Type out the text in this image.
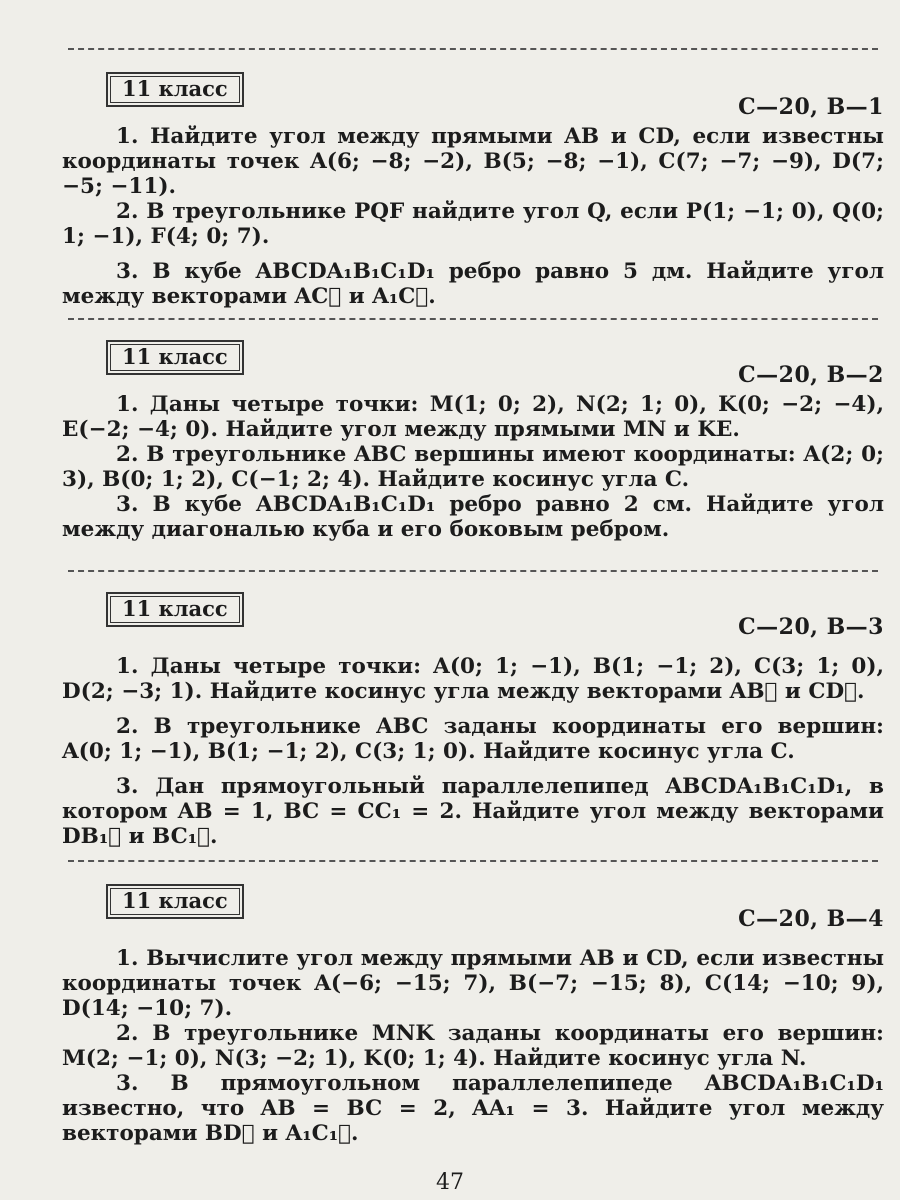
11 класс
С—20, В—1

1. Найдите угол между прямыми AB и CD, если известны координаты точек A(6; −8; −2), B(5; −8; −1), C(7; −7; −9), D(7; −5; −11).

2. В треугольнике PQF найдите угол Q, если P(1; −1; 0), Q(0; 1; −1), F(4; 0; 7).

3. В кубе ABCDA₁B₁C₁D₁ ребро равно 5 дм. Найдите угол между векторами AC⃗ и A₁C⃗.

11 класс
С—20, В—2

1. Даны четыре точки: M(1; 0; 2), N(2; 1; 0), K(0; −2; −4), E(−2; −4; 0). Найдите угол между прямыми MN и KE.

2. В треугольнике ABC вершины имеют координаты: A(2; 0; 3), B(0; 1; 2), C(−1; 2; 4). Найдите косинус угла C.

3. В кубе ABCDA₁B₁C₁D₁ ребро равно 2 см. Найдите угол между диагональю куба и его боковым ребром.

11 класс
С—20, В—3

1. Даны четыре точки: A(0; 1; −1), B(1; −1; 2), C(3; 1; 0), D(2; −3; 1). Найдите косинус угла между векторами AB⃗ и CD⃗.

2. В треугольнике ABC заданы координаты его вершин: A(0; 1; −1), B(1; −1; 2), C(3; 1; 0). Найдите косинус угла C.

3. Дан прямоугольный параллелепипед ABCDA₁B₁C₁D₁, в котором AB = 1, BC = CC₁ = 2. Найдите угол между векторами DB₁⃗ и BC₁⃗.

11 класс
С—20, В—4

1. Вычислите угол между прямыми AB и CD, если известны координаты точек A(−6; −15; 7), B(−7; −15; 8), C(14; −10; 9), D(14; −10; 7).

2. В треугольнике MNK заданы координаты его вершин: M(2; −1; 0), N(3; −2; 1), K(0; 1; 4). Найдите косинус угла N.

3. В прямоугольном параллелепипеде ABCDA₁B₁C₁D₁ известно, что AB = BC = 2, AA₁ = 3. Найдите угол между векторами BD⃗ и A₁C₁⃗.

47
